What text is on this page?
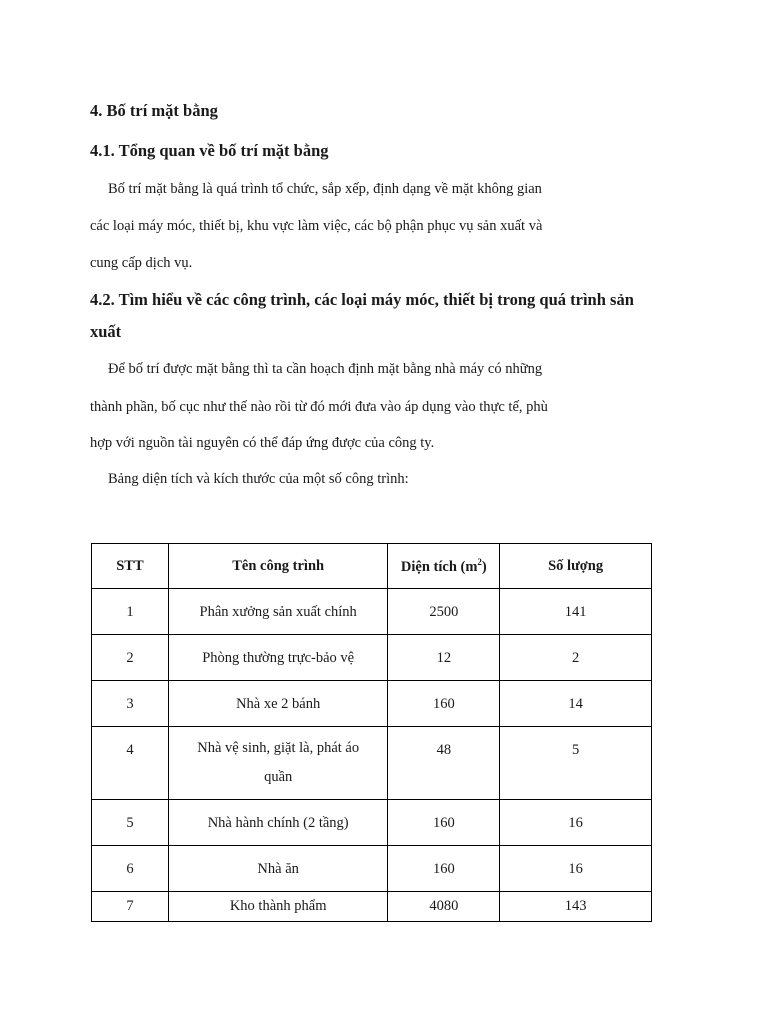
4. Bố trí mặt bằng
4.1. Tổng quan về bố trí mặt bằng
Bố trí mặt bằng là quá trình tổ chức, sắp xếp, định dạng về mặt không gian
các loại máy móc, thiết bị, khu vực làm việc, các bộ phận phục vụ sản xuất và
cung cấp dịch vụ.
4.2. Tìm hiểu về các công trình, các loại máy móc, thiết bị trong quá trình sản
xuất
Để bố trí được mặt bằng thì ta cần hoạch định mặt bằng nhà máy có những
thành phần, bố cục như thế nào rồi từ đó mới đưa vào áp dụng vào thực tế, phù
hợp với nguồn tài nguyên có thể đáp ứng được của công ty.
Bảng diện tích và kích thước của một số công trình:
STT	Tên công trình	Diện tích $(m^2)$	Số lượng
1	Phân xưởng sản xuất chính	2500	141
2	Phòng thường trực-bảo vệ	12	2
3	Nhà xe 2 bánh	160	14
4	Nhà vệ sinh, giặt là, phát áo
quần	48	5
5	Nhà hành chính (2 tầng)	160	16
6	Nhà ăn	160	16
7	Kho thành phẩm	4080	143
